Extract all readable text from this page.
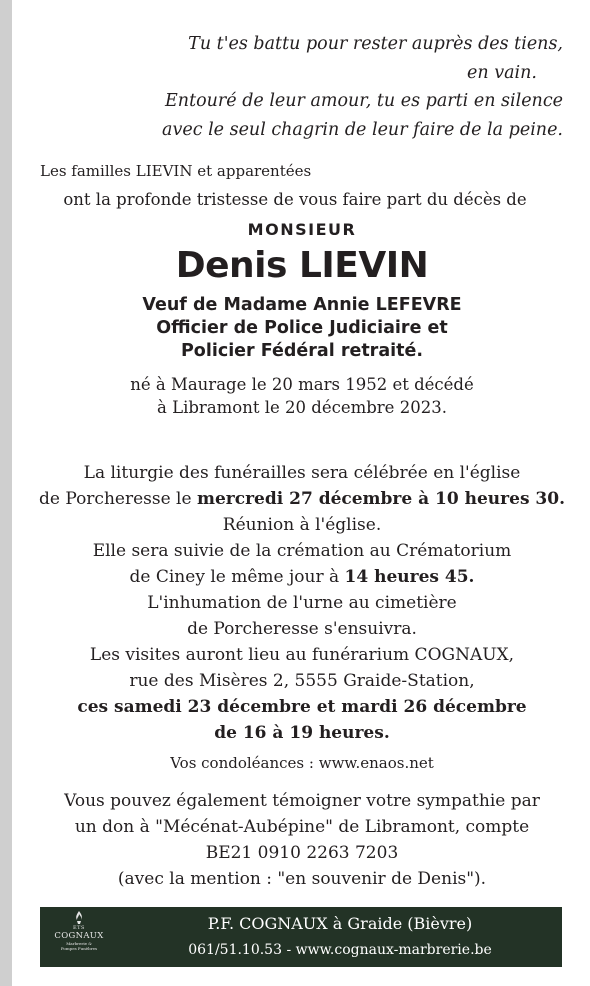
Tu t'es battu pour rester auprès des tiens,
en vain.
Entouré de leur amour, tu es parti en silence
avec le seul chagrin de leur faire de la peine.
Les familles LIEVIN et apparentées
ont la profonde tristesse de vous faire part du décès de
MONSIEUR
Denis LIEVIN
Veuf de Madame Annie LEFEVRE
Officier de Police Judiciaire et
Policier Fédéral retraité.
né à Maurage le 20 mars 1952 et décédé
à Libramont le 20 décembre 2023.
La liturgie des funérailles sera célébrée en l'église
de Porcheresse le mercredi 27 décembre à 10 heures 30.
Réunion à l'église.
Elle sera suivie de la crémation au Crématorium
de Ciney le même jour à 14 heures 45.
L'inhumation de l'urne au cimetière
de Porcheresse s'ensuivra.
Les visites auront lieu au funérarium COGNAUX,
rue des Misères 2, 5555 Graide-Station,
ces samedi 23 décembre et mardi 26 décembre
de 16 à 19 heures.
Vos condoléances : www.enaos.net
Vous pouvez également témoigner votre sympathie par
un don à "Mécénat-Aubépine" de Libramont, compte
BE21 0910 2263 7203
(avec la mention : "en souvenir de Denis").
ETS
COGNAUX
Marbrerie &
Pompes Funèbres
P.F. COGNAUX à Graide (Bièvre)
061/51.10.53 - www.cognaux-marbrerie.be
